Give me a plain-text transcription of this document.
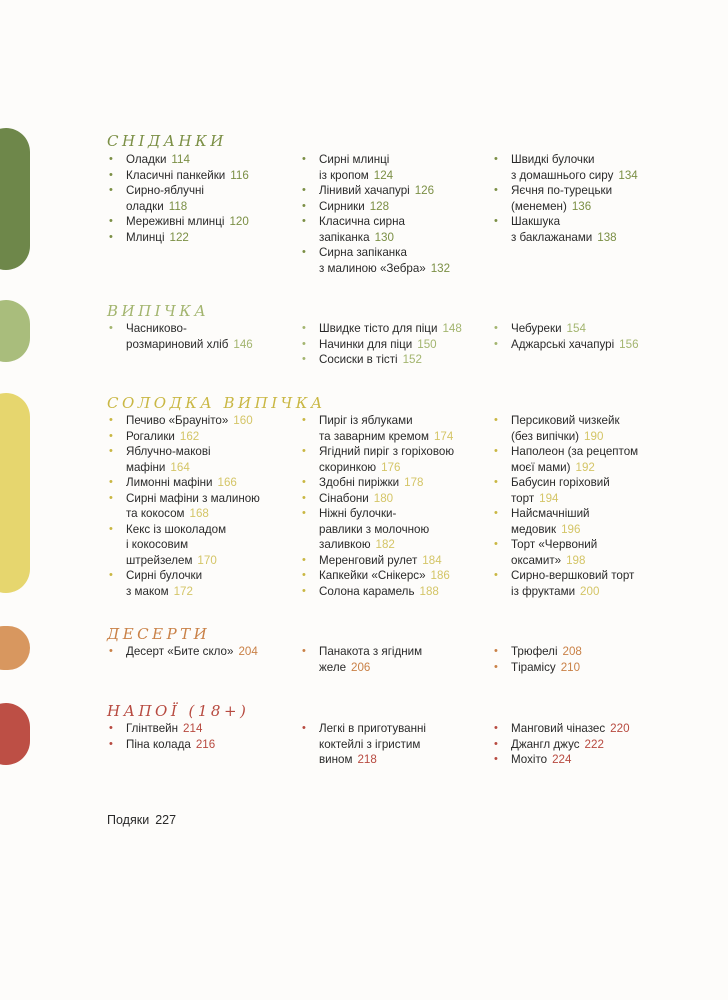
СНІДАНКИ
• Оладки 114
• Класичні панкейки 116
• Сирно-яблучні
оладки 118
• Мереживні млинці 120
• Млинці 122
• Сирні млинці
із кропом 124
• Лінивий хачапурі 126
• Сирники 128
• Класична сирна
запіканка 130
• Сирна запіканка
з малиною «Зебра» 132
• Швидкі булочки
з домашнього сиру 134
• Яєчня по-турецьки
(менемен) 136
• Шакшука
з баклажанами 138
ВИПІЧКА
• Часниково-
розмариновий хліб 146
• Швидке тісто для піци 148
• Начинки для піци 150
• Сосиски в тісті 152
• Чебуреки 154
• Аджарські хачапурі 156
СОЛОДКА ВИПІЧКА
• Печиво «Брауніто» 160
• Рогалики 162
• Яблучно-макові
мафіни 164
• Лимонні мафіни 166
• Сирні мафіни з малиною
та кокосом 168
• Кекс із шоколадом
і кокосовим
штрейзелем 170
• Сирні булочки
з маком 172
• Пиріг із яблуками
та заварним кремом 174
• Ягідний пиріг з горіховою
скоринкою 176
• Здобні пиріжки 178
• Сінабони 180
• Ніжні булочки-
равлики з молочною
заливкою 182
• Меренговий рулет 184
• Капкейки «Снікерс» 186
• Солона карамель 188
• Персиковий чизкейк
(без випічки) 190
• Наполеон (за рецептом
моєї мами) 192
• Бабусин горіховий
торт 194
• Найсмачніший
медовик 196
• Торт «Червоний
оксамит» 198
• Сирно-вершковий торт
із фруктами 200
ДЕСЕРТИ
• Десерт «Бите скло» 204	• Панакота з ягідним
желе 206
• Трюфелі 208
• Тірамісу 210
НАПОЇ (18+)
• Глінтвейн 214
• Піна колада 216
• Легкі в приготуванні
коктейлі з ігристим
вином 218
• Манговий чіназес 220
• Джангл джус 222
• Мохіто 224
Подяки 227
